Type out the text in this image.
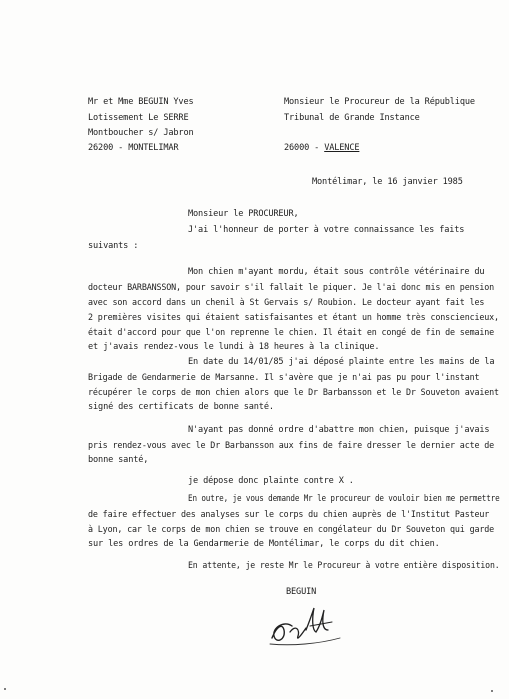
Mr et Mme BEGUIN Yves
Lotissement Le SERRE
Montboucher s/ Jabron
26200 - MONTELIMAR
Monsieur le Procureur de la République
Tribunal de Grande Instance
26000 - VALENCE
Montélimar, le 16 janvier 1985
Monsieur le PROCUREUR,
J'ai l'honneur de porter à votre connaissance les faits
suivants :
Mon chien m'ayant mordu, était sous contrôle vétérinaire du
docteur BARBANSSON, pour savoir s'il fallait le piquer. Je l'ai donc mis en pension
avec son accord dans un chenil à St Gervais s/ Roubion. Le docteur ayant fait les
2 premières visites qui étaient satisfaisantes et étant un homme très consciencieux,
était d'accord pour que l'on reprenne le chien. Il était en congé de fin de semaine
et j'avais rendez-vous le lundi à 18 heures à la clinique.
En date du 14/01/85 j'ai déposé plainte entre les mains de la
Brigade de Gendarmerie de Marsanne. Il s'avère que je n'ai pas pu pour l'instant
récupérer le corps de mon chien alors que le Dr Barbansson et le Dr Souveton avaient
signé des certificats de bonne santé.
N'ayant pas donné ordre d'abattre mon chien, puisque j'avais
pris rendez-vous avec le Dr Barbansson aux fins de faire dresser le dernier acte de
bonne santé,
je dépose donc plainte contre X .
En outre, je vous demande Mr le procureur de vouloir bien me permettre
de faire effectuer des analyses sur le corps du chien auprès de l'Institut Pasteur
à Lyon, car le corps de mon chien se trouve en congélateur du Dr Souveton qui garde
sur les ordres de la Gendarmerie de Montélimar, le corps du dit chien.
En attente, je reste Mr le Procureur à votre entière disposition.
BEGUIN
